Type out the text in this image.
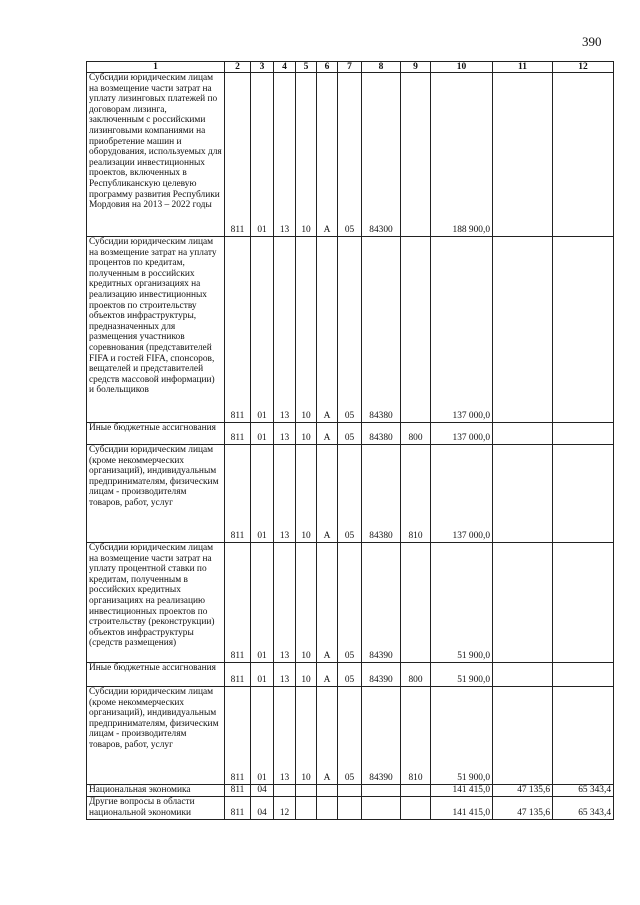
390
1	2	3	4	5	6	7	8	9	10	11	12
Субсидии юридическим лицам на возмещение части затрат на уплату лизинговых платежей по договорам лизинга, заключенным с российскими лизинговыми компаниями на приобретение машин и оборудования, используемых для реализации инвестиционных проектов, включенных в Республиканскую целевую программу развития Республики Мордовия на 2013 – 2022 годы	811	01	13	10	А	05	84300		188 900,0		
Субсидии юридическим лицам на возмещение затрат на уплату процентов по кредитам, полученным в российских кредитных организациях на реализацию инвестиционных проектов по строительству объектов инфраструктуры, предназначенных для размещения участников соревнования (представителей FIFA и гостей FIFA, спонсоров, вещателей и представителей средств массовой информации) и болельщиков	811	01	13	10	А	05	84380		137 000,0		
Иные бюджетные ассигнования	811	01	13	10	А	05	84380	800	137 000,0		
Субсидии юридическим лицам (кроме некоммерческих организаций), индивидуальным предпринимателям, физическим лицам - производителям товаров, работ, услуг	811	01	13	10	А	05	84380	810	137 000,0		
Субсидии юридическим лицам на возмещение части затрат на уплату процентной ставки по кредитам, полученным в российских кредитных организациях на реализацию инвестиционных проектов по строительству (реконструкции) объектов инфраструктуры (средств размещения)	811	01	13	10	А	05	84390		51 900,0		
Иные бюджетные ассигнования	811	01	13	10	А	05	84390	800	51 900,0		
Субсидии юридическим лицам (кроме некоммерческих организаций), индивидуальным предпринимателям, физическим лицам - производителям товаров, работ, услуг	811	01	13	10	А	05	84390	810	51 900,0		
Национальная экономика	811	04							141 415,0	47 135,6	65 343,4
Другие вопросы в области национальной экономики	811	04	12						141 415,0	47 135,6	65 343,4
